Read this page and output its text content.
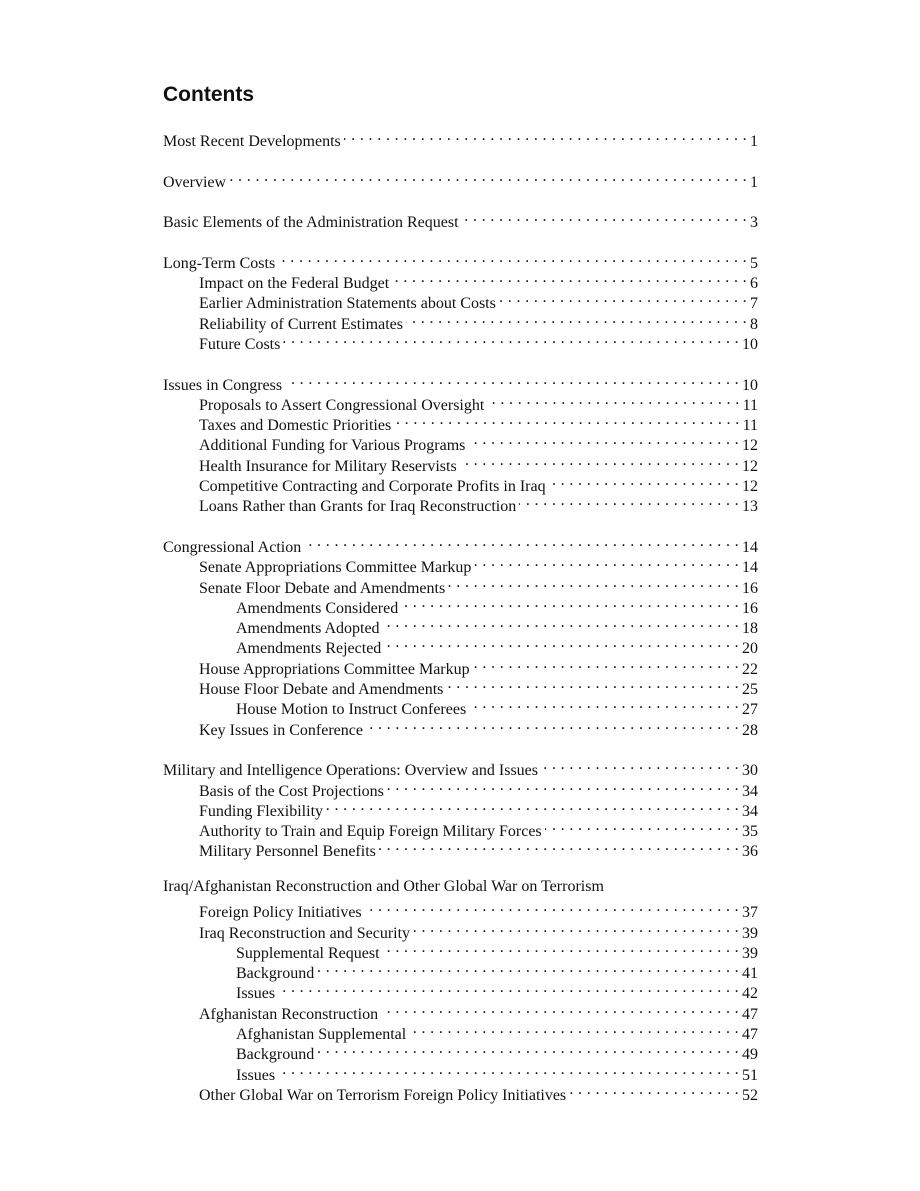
Contents
Most Recent Developments . . .	1
Overview . . .	1
Basic Elements of the Administration Request . . .	3
Long-Term Costs . . .	5
Impact on the Federal Budget . . .	6
Earlier Administration Statements about Costs . . .	7
Reliability of Current Estimates . . .	8
Future Costs . . .	10
Issues in Congress . . .	10
Proposals to Assert Congressional Oversight . . .	11
Taxes and Domestic Priorities . . .	11
Additional Funding for Various Programs . . .	12
Health Insurance for Military Reservists . . .	12
Competitive Contracting and Corporate Profits in Iraq . . .	12
Loans Rather than Grants for Iraq Reconstruction . . .	13
Congressional Action . . .	14
Senate Appropriations Committee Markup . . .	14
Senate Floor Debate and Amendments . . .	16
Amendments Considered . . .	16
Amendments Adopted . . .	18
Amendments Rejected . . .	20
House Appropriations Committee Markup . . .	22
House Floor Debate and Amendments . . .	25
House Motion to Instruct Conferees . . .	27
Key Issues in Conference . . .	28
Military and Intelligence Operations: Overview and Issues . . .	30
Basis of the Cost Projections . . .	34
Funding Flexibility . . .	34
Authority to Train and Equip Foreign Military Forces . . .	35
Military Personnel Benefits . . .	36
Iraq/Afghanistan Reconstruction and Other Global War on Terrorism
Foreign Policy Initiatives . . .	37
Iraq Reconstruction and Security . . .	39
Supplemental Request . . .	39
Background . . .	41
Issues . . .	42
Afghanistan Reconstruction . . .	47
Afghanistan Supplemental . . .	47
Background . . .	49
Issues . . .	51
Other Global War on Terrorism Foreign Policy Initiatives . . .	52
